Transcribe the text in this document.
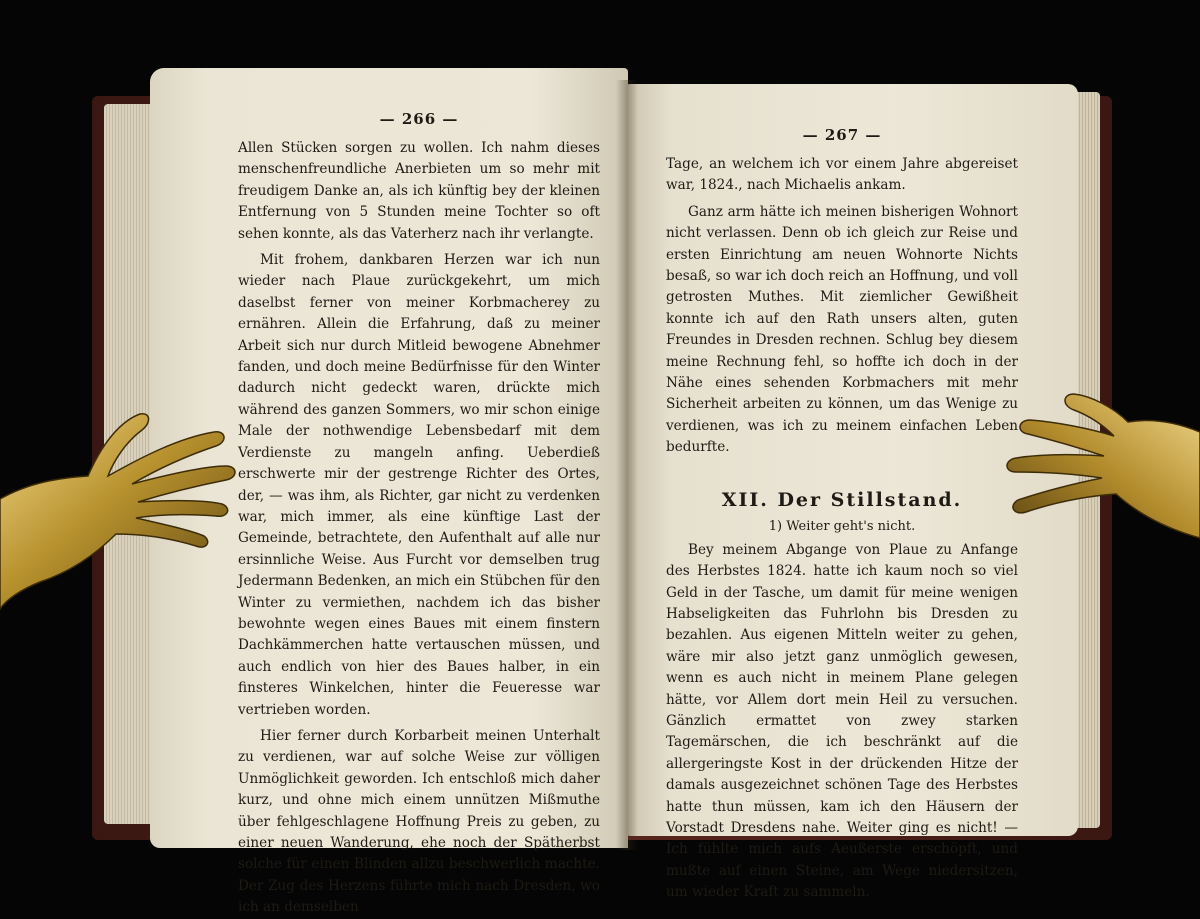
— 266 —

Allen Stücken sorgen zu wollen. Ich nahm dieses menschenfreundliche Anerbieten um so mehr mit freudigem Danke an, als ich künftig bey der kleinen Entfernung von 5 Stunden meine Tochter so oft sehen konnte, als das Vaterherz nach ihr verlangte.

Mit frohem, dankbaren Herzen war ich nun wieder nach Plaue zurückgekehrt, um mich daselbst ferner von meiner Korbmacherey zu ernähren. Allein die Erfahrung, daß zu meiner Arbeit sich nur durch Mitleid bewogene Abnehmer fanden, und doch meine Bedürfnisse für den Winter dadurch nicht gedeckt waren, drückte mich während des ganzen Sommers, wo mir schon einige Male der nothwendige Lebensbedarf mit dem Verdienste zu mangeln anfing. Ueberdieß erschwerte mir der gestrenge Richter des Ortes, der, — was ihm, als Richter, gar nicht zu verdenken war, mich immer, als eine künftige Last der Gemeinde, betrachtete, den Aufenthalt auf alle nur ersinnliche Weise. Aus Furcht vor demselben trug Jedermann Bedenken, an mich ein Stübchen für den Winter zu vermiethen, nachdem ich das bisher bewohnte wegen eines Baues mit einem finstern Dachkämmerchen hatte vertauschen müssen, und auch endlich von hier des Baues halber, in ein finsteres Winkelchen, hinter die Feueresse war vertrieben worden.

Hier ferner durch Korbarbeit meinen Unterhalt zu verdienen, war auf solche Weise zur völligen Unmöglichkeit geworden. Ich entschloß mich daher kurz, und ohne mich einem unnützen Mißmuthe über fehlgeschlagene Hoffnung Preis zu geben, zu einer neuen Wanderung, ehe noch der Spätherbst solche für einen Blinden allzu beschwerlich machte. Der Zug des Herzens führte mich nach Dresden, wo ich an demselben

— 267 —

Tage, an welchem ich vor einem Jahre abgereiset war, 1824., nach Michaelis ankam.

Ganz arm hätte ich meinen bisherigen Wohnort nicht verlassen. Denn ob ich gleich zur Reise und ersten Einrichtung am neuen Wohnorte Nichts besaß, so war ich doch reich an Hoffnung, und voll getrosten Muthes. Mit ziemlicher Gewißheit konnte ich auf den Rath unsers alten, guten Freundes in Dresden rechnen. Schlug bey diesem meine Rechnung fehl, so hoffte ich doch in der Nähe eines sehenden Korbmachers mit mehr Sicherheit arbeiten zu können, um das Wenige zu verdienen, was ich zu meinem einfachen Leben bedurfte.

XII. Der Stillstand.
1) Weiter geht's nicht.

Bey meinem Abgange von Plaue zu Anfange des Herbstes 1824. hatte ich kaum noch so viel Geld in der Tasche, um damit für meine wenigen Habseligkeiten das Fuhrlohn bis Dresden zu bezahlen. Aus eigenen Mitteln weiter zu gehen, wäre mir also jetzt ganz unmöglich gewesen, wenn es auch nicht in meinem Plane gelegen hätte, vor Allem dort mein Heil zu versuchen. Gänzlich ermattet von zwey starken Tagemärschen, die ich beschränkt auf die allergeringste Kost in der drückenden Hitze der damals ausgezeichnet schönen Tage des Herbstes hatte thun müssen, kam ich den Häusern der Vorstadt Dresdens nahe. Weiter ging es nicht! — Ich fühlte mich aufs Aeußerste erschöpft, und mußte auf einen Steine, am Wege niedersitzen, um wieder Kraft zu sammeln.
